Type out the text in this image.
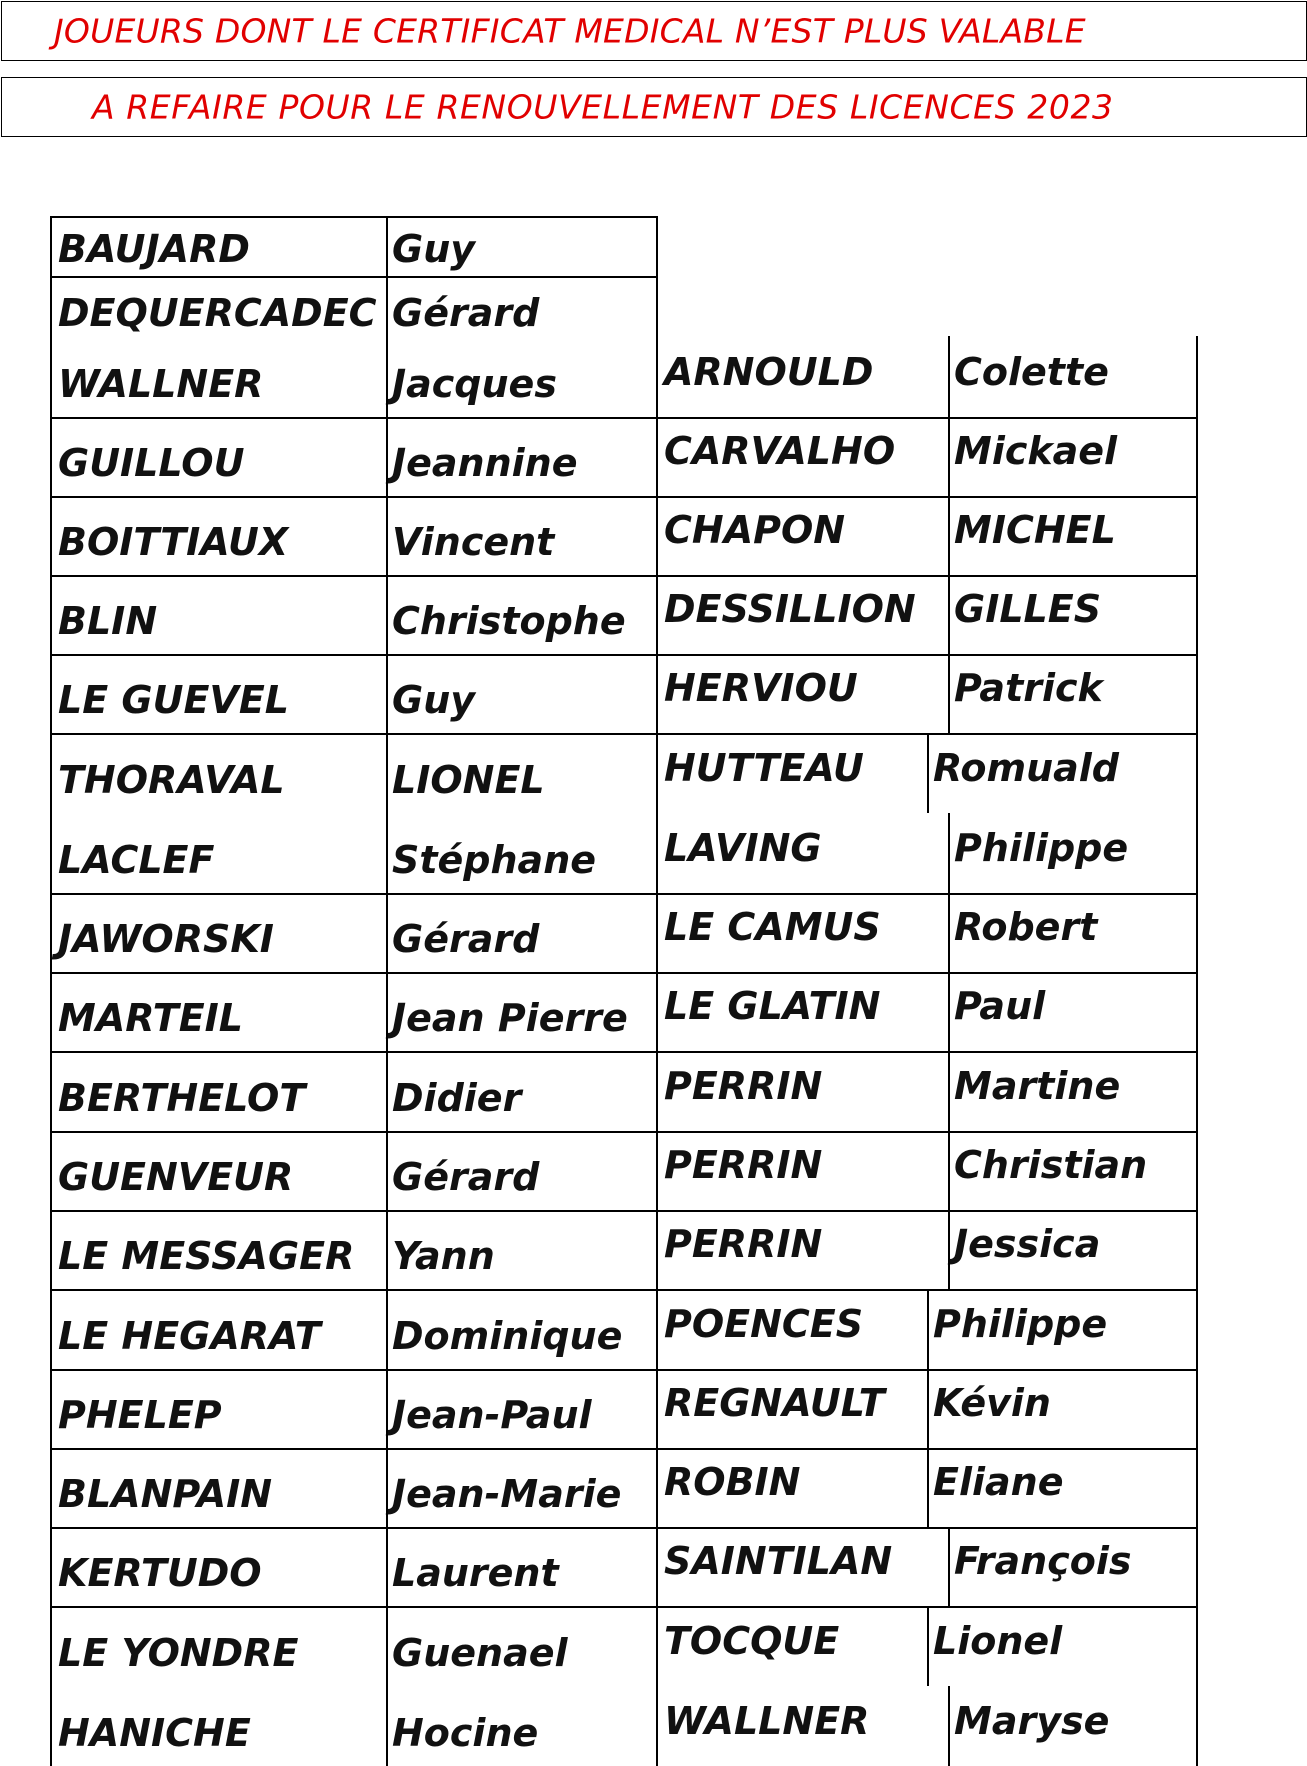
JOUEURS DONT LE CERTIFICAT MEDICAL N’EST PLUS VALABLE
A REFAIRE POUR LE RENOUVELLEMENT DES LICENCES 2023
BAUJARD	Guy
DEQUERCADEC Gérard
WALLNER	Jacques
GUILLOU	Jeannine
BOITTIAUX	Vincent
BLIN	Christophe
LE GUEVEL	Guy
THORAVAL	LIONEL
LACLEF	Stéphane
JAWORSKI	Gérard
MARTEIL	Jean Pierre
BERTHELOT Didier
GUENVEUR	Gérard
LE MESSAGER Yann
LE HEGARAT Dominique
PHELEP	Jean-Paul
BLANPAIN	Jean-Marie
KERTUDO	Laurent
LE YONDRE Guenael
HANICHE	Hocine
ARNOULD Colette
CARVALHO Mickael
CHAPON	MICHEL
DESSILLION GILLES
HERVIOU	Patrick
HUTTEAU Romuald
LAVING	Philippe
LE CAMUS Robert
LE GLATIN Paul
PERRIN	Martine
PERRIN	Christian
PERRIN	Jessica
POENCES Philippe
REGNAULT Kévin
ROBIN	Eliane
SAINTILAN François
TOCQUE Lionel
WALLNER Maryse
